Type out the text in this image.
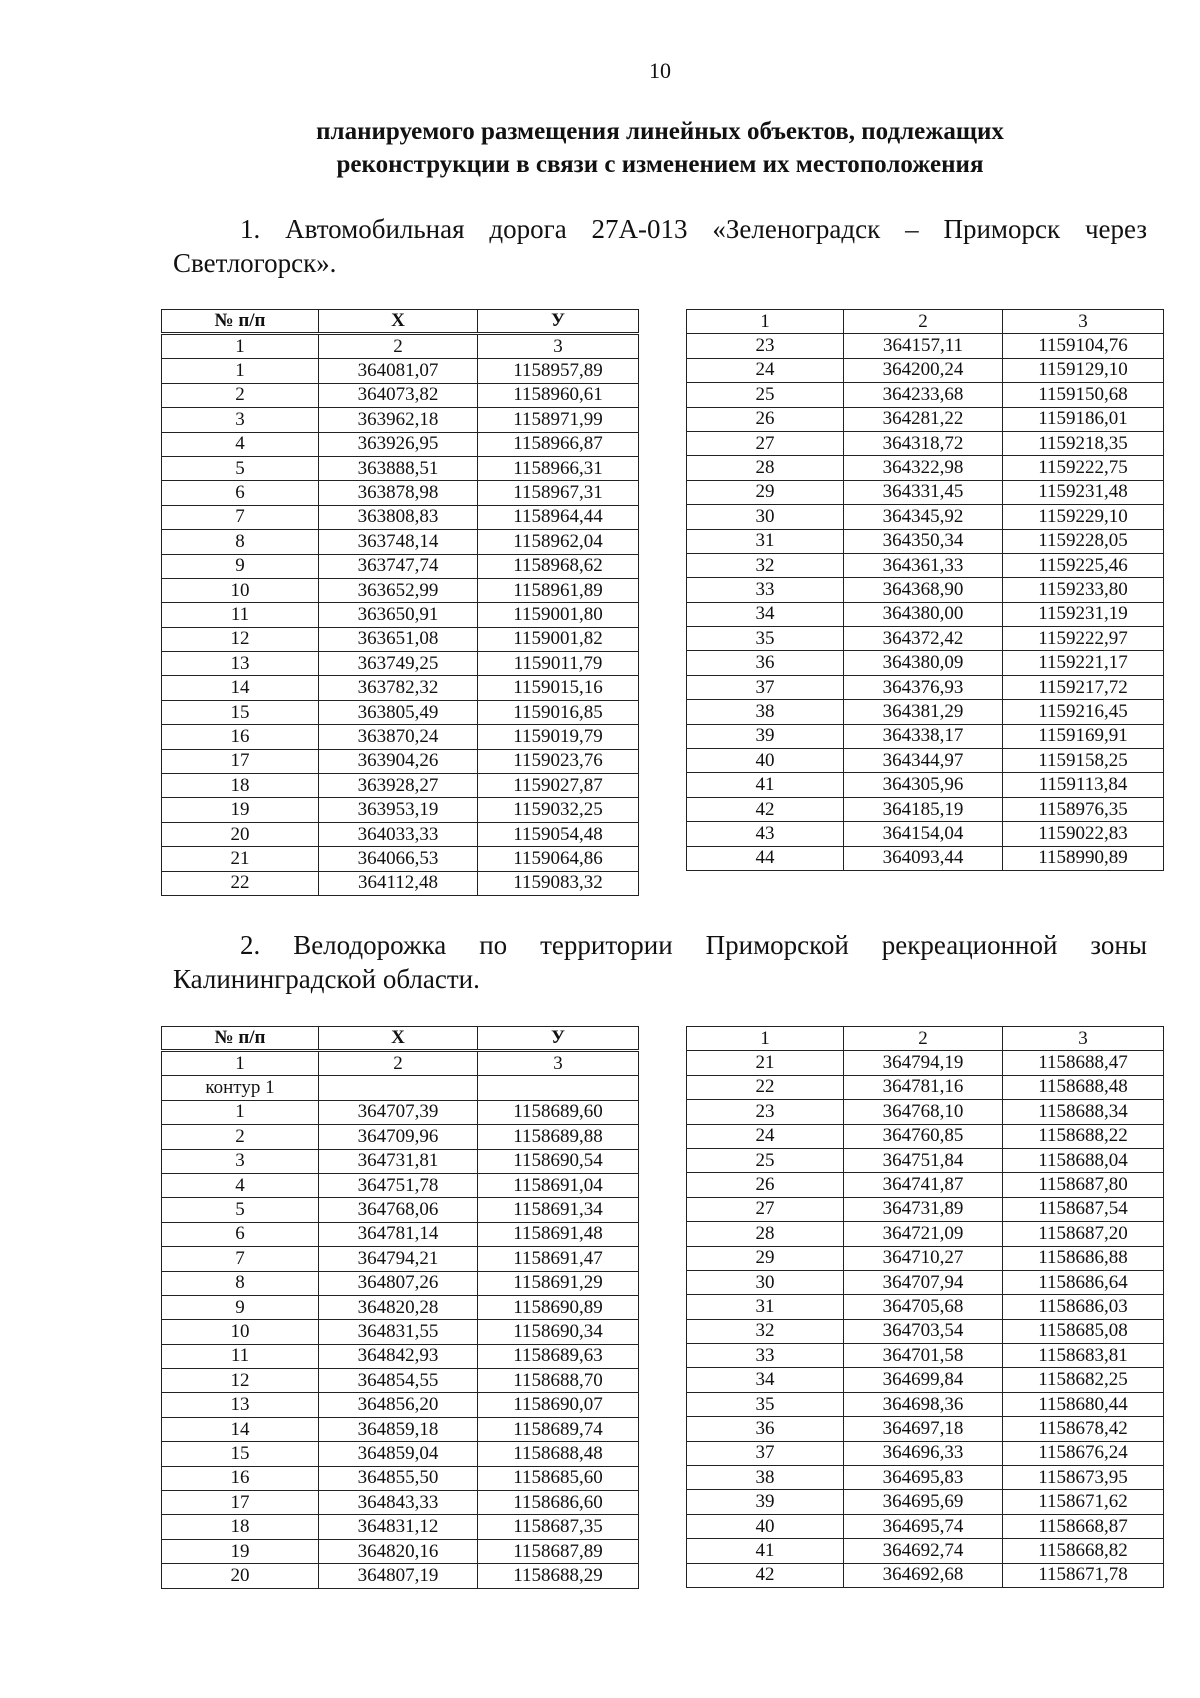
10
планируемого размещения линейных объектов, подлежащих
реконструкции в связи с изменением их местоположения
1. Автомобильная дорога 27А-013 «Зеленоградск – Приморск через
Светлогорск».
№ п/п	Х	У
1	2	3
1	364081,07	1158957,89
2	364073,82	1158960,61
3	363962,18	1158971,99
4	363926,95	1158966,87
5	363888,51	1158966,31
6	363878,98	1158967,31
7	363808,83	1158964,44
8	363748,14	1158962,04
9	363747,74	1158968,62
10	363652,99	1158961,89
11	363650,91	1159001,80
12	363651,08	1159001,82
13	363749,25	1159011,79
14	363782,32	1159015,16
15	363805,49	1159016,85
16	363870,24	1159019,79
17	363904,26	1159023,76
18	363928,27	1159027,87
19	363953,19	1159032,25
20	364033,33	1159054,48
21	364066,53	1159064,86
22	364112,48	1159083,32
1	2	3
23	364157,11	1159104,76
24	364200,24	1159129,10
25	364233,68	1159150,68
26	364281,22	1159186,01
27	364318,72	1159218,35
28	364322,98	1159222,75
29	364331,45	1159231,48
30	364345,92	1159229,10
31	364350,34	1159228,05
32	364361,33	1159225,46
33	364368,90	1159233,80
34	364380,00	1159231,19
35	364372,42	1159222,97
36	364380,09	1159221,17
37	364376,93	1159217,72
38	364381,29	1159216,45
39	364338,17	1159169,91
40	364344,97	1159158,25
41	364305,96	1159113,84
42	364185,19	1158976,35
43	364154,04	1159022,83
44	364093,44	1158990,89
2. Велодорожка по территории Приморской рекреационной зоны
Калининградской области.
№ п/п	Х	У
1	2	3
контур 1		
1	364707,39	1158689,60
2	364709,96	1158689,88
3	364731,81	1158690,54
4	364751,78	1158691,04
5	364768,06	1158691,34
6	364781,14	1158691,48
7	364794,21	1158691,47
8	364807,26	1158691,29
9	364820,28	1158690,89
10	364831,55	1158690,34
11	364842,93	1158689,63
12	364854,55	1158688,70
13	364856,20	1158690,07
14	364859,18	1158689,74
15	364859,04	1158688,48
16	364855,50	1158685,60
17	364843,33	1158686,60
18	364831,12	1158687,35
19	364820,16	1158687,89
20	364807,19	1158688,29
1	2	3
21	364794,19	1158688,47
22	364781,16	1158688,48
23	364768,10	1158688,34
24	364760,85	1158688,22
25	364751,84	1158688,04
26	364741,87	1158687,80
27	364731,89	1158687,54
28	364721,09	1158687,20
29	364710,27	1158686,88
30	364707,94	1158686,64
31	364705,68	1158686,03
32	364703,54	1158685,08
33	364701,58	1158683,81
34	364699,84	1158682,25
35	364698,36	1158680,44
36	364697,18	1158678,42
37	364696,33	1158676,24
38	364695,83	1158673,95
39	364695,69	1158671,62
40	364695,74	1158668,87
41	364692,74	1158668,82
42	364692,68	1158671,78
